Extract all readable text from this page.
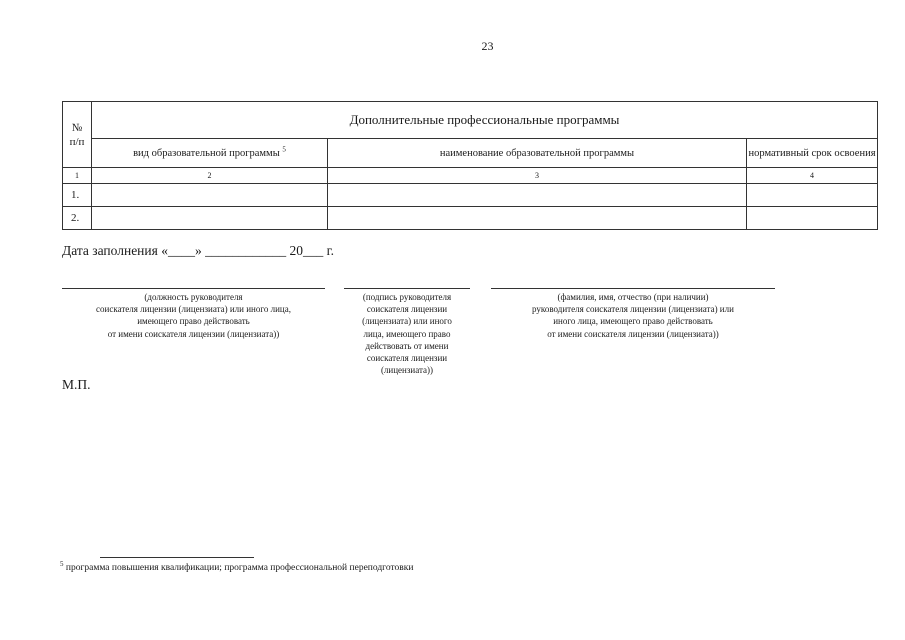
23
№
п/п	Дополнительные профессиональные программы		
	вид образовательной программы $^5$	наименование образовательной программы	нормативный срок освоения
1	2	3	4
1.			
2.			
Дата заполнения «____» ____________ 20___ г.
(должность руководителя
соискателя лицензии (лицензиата) или иного лица,
имеющего право действовать
от имени соискателя лицензии (лицензиата))
(подпись руководителя
соискателя лицензии
(лицензиата) или иного
лица, имеющего право
действовать от имени
соискателя лицензии
(лицензиата))
(фамилия, имя, отчество (при наличии)
руководителя соискателя лицензии (лицензиата) или
иного лица, имеющего право действовать
от имени соискателя лицензии (лицензиата))
М.П.
$^5$ программа повышения квалификации; программа профессиональной переподготовки
